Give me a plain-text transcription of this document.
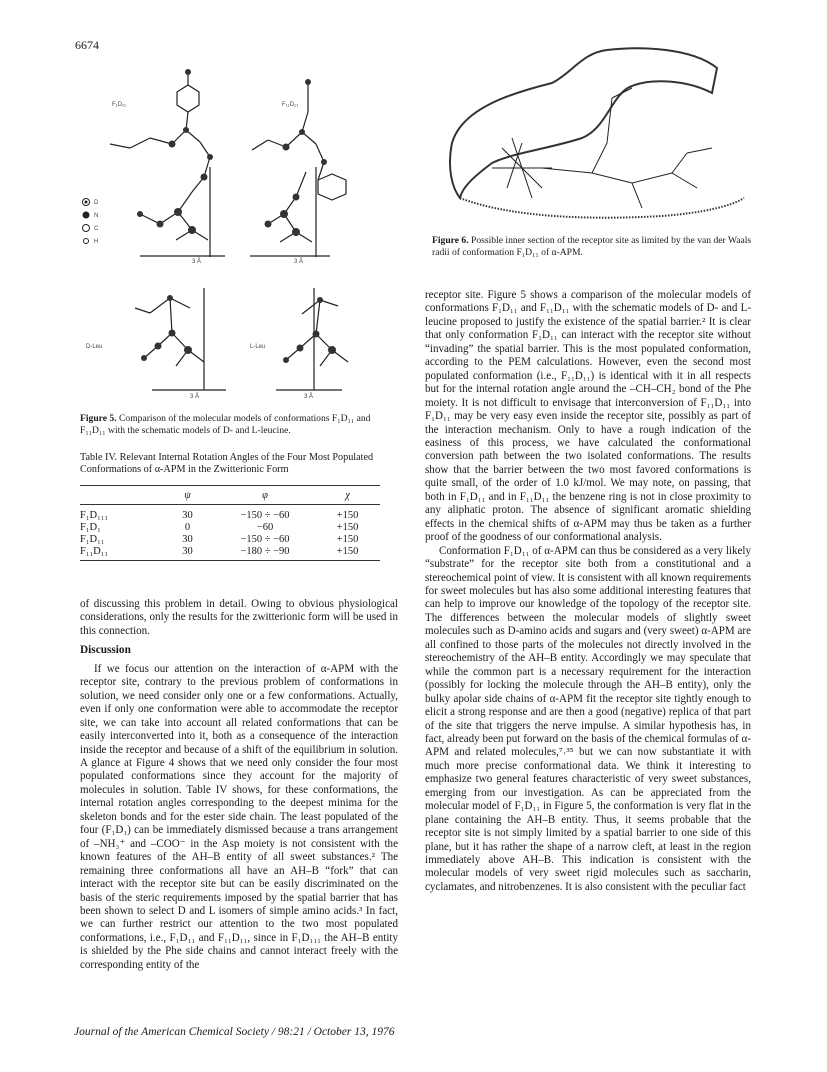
6674
F₁D₁₁	F₁₁D₁₁
D
N
C
H
3 Å	3 Å
D-Leu	L-Leu
3 Å	3 Å
Figure 5. Comparison of the molecular models of conformations F₁D₁₁ and F₁₁D₁₁ with the schematic models of D- and L-leucine.
Figure 6. Possible inner section of the receptor site as limited by the van der Waals radii of conformation F₁D₁₁ of α-APM.
Table IV. Relevant Internal Rotation Angles of the Four Most Populated Conformations of α-APM in the Zwitterionic Form
	ψ	φ	χ
F₁D₁₁₁	30	−150 ÷ −60	+150
F₁D₁	0	−60	+150
F₁D₁₁	30	−150 ÷ −60	+150
F₁₁D₁₁	30	−180 ÷ −90	+150

of discussing this problem in detail. Owing to obvious physiological considerations, only the results for the zwitterionic form will be used in this connection.

Discussion

If we focus our attention on the interaction of α-APM with the receptor site, contrary to the previous problem of conformations in solution, we need consider only one or a few conformations. Actually, even if only one conformation were able to accommodate the receptor site, we can take into account all related conformations that can be easily interconverted into it, both as a consequence of the interaction inside the receptor and because of a shift of the equilibrium in solution. A glance at Figure 4 shows that we need only consider the four most populated conformations since they account for the majority of molecules in solution. Table IV shows, for these conformations, the internal rotation angles corresponding to the deepest minima for the skeleton bonds and for the ester side chain. The least populated of the four (F₁D₁) can be immediately dismissed because a trans arrangement of –NH₃⁺ and –COO⁻ in the Asp moiety is not consistent with the known features of the AH–B entity of all sweet substances.² The remaining three conformations all have an AH–B “fork” that can interact with the receptor site but can be easily discriminated on the basis of the steric requirements imposed by the spatial barrier that has been shown to select D and L isomers of simple amino acids.³ In fact, we can further restrict our attention to the two most populated conformations, i.e., F₁D₁₁ and F₁₁D₁₁, since in F₁D₁₁₁ the AH–B entity is shielded by the Phe side chains and cannot interact freely with the corresponding entity of the

receptor site. Figure 5 shows a comparison of the molecular models of conformations F₁D₁₁ and F₁₁D₁₁ with the schematic models of D- and L-leucine proposed to justify the existence of the spatial barrier.² It is clear that only conformation F₁D₁₁ can interact with the receptor site without “invading” the spatial barrier. This is the most populated conformation, according to the PEM calculations. However, even the second most populated conformation (i.e., F₁₁D₁₁) is identical with it in all respects but for the internal rotation angle around the –CH–CH₂ bond of the Phe moiety. It is not difficult to envisage that interconversion of F₁₁D₁₁ into F₁D₁₁ may be very easy even inside the receptor site, possibly as part of the interaction mechanism. Only to have a rough indication of the easiness of this process, we have calculated the conformational conversion path between the two isolated conformations. The results show that the barrier between the two most favored conformations is quite small, of the order of 1.0 kJ/mol. We may note, on passing, that both in F₁D₁₁ and in F₁₁D₁₁ the benzene ring is not in close proximity to any aliphatic proton. The absence of significant aromatic shielding effects in the chemical shifts of α-APM may thus be taken as a further proof of the goodness of our conformational analysis.

Conformation F₁D₁₁ of α-APM can thus be considered as a very likely “substrate” for the receptor site both from a constitutional and a stereochemical point of view. It is consistent with all known requirements for sweet molecules but has also some additional interesting features that can help to improve our knowledge of the topology of the receptor site. The differences between the molecular models of slightly sweet molecules such as D-amino acids and sugars and (very sweet) α-APM are all confined to those parts of the molecules not directly involved in the stereochemistry of the AH–B entity. Accordingly we may speculate that while the common part is a necessary requirement for the interaction (possibly for locking the molecule through the AH–B entity), only the bulky apolar side chains of α-APM fit the receptor site tightly enough to elicit a strong response and are then a good (negative) replica of that part of the site that triggers the nerve impulse. A similar hypothesis has, in fact, already been put forward on the basis of the chemical formulas of α-APM and related molecules,⁷˒³⁵ but we can now substantiate it with much more precise conformational data. We think it interesting to emphasize two general features characteristic of very sweet substances, emerging from our investigation. As can be appreciated from the molecular model of F₁D₁₁ in Figure 5, the conformation is very flat in the plane containing the AH–B entity. Thus, it seems probable that the receptor site is not simply limited by a spatial barrier to one side of this plane, but it has rather the shape of a narrow cleft, at least in the region immediately above AH–B. This indication is consistent with the molecular models of very sweet rigid molecules such as saccharin, cyclamates, and nitrobenzenes. It is also consistent with the peculiar fact

Journal of the American Chemical Society / 98:21 / October 13, 1976
